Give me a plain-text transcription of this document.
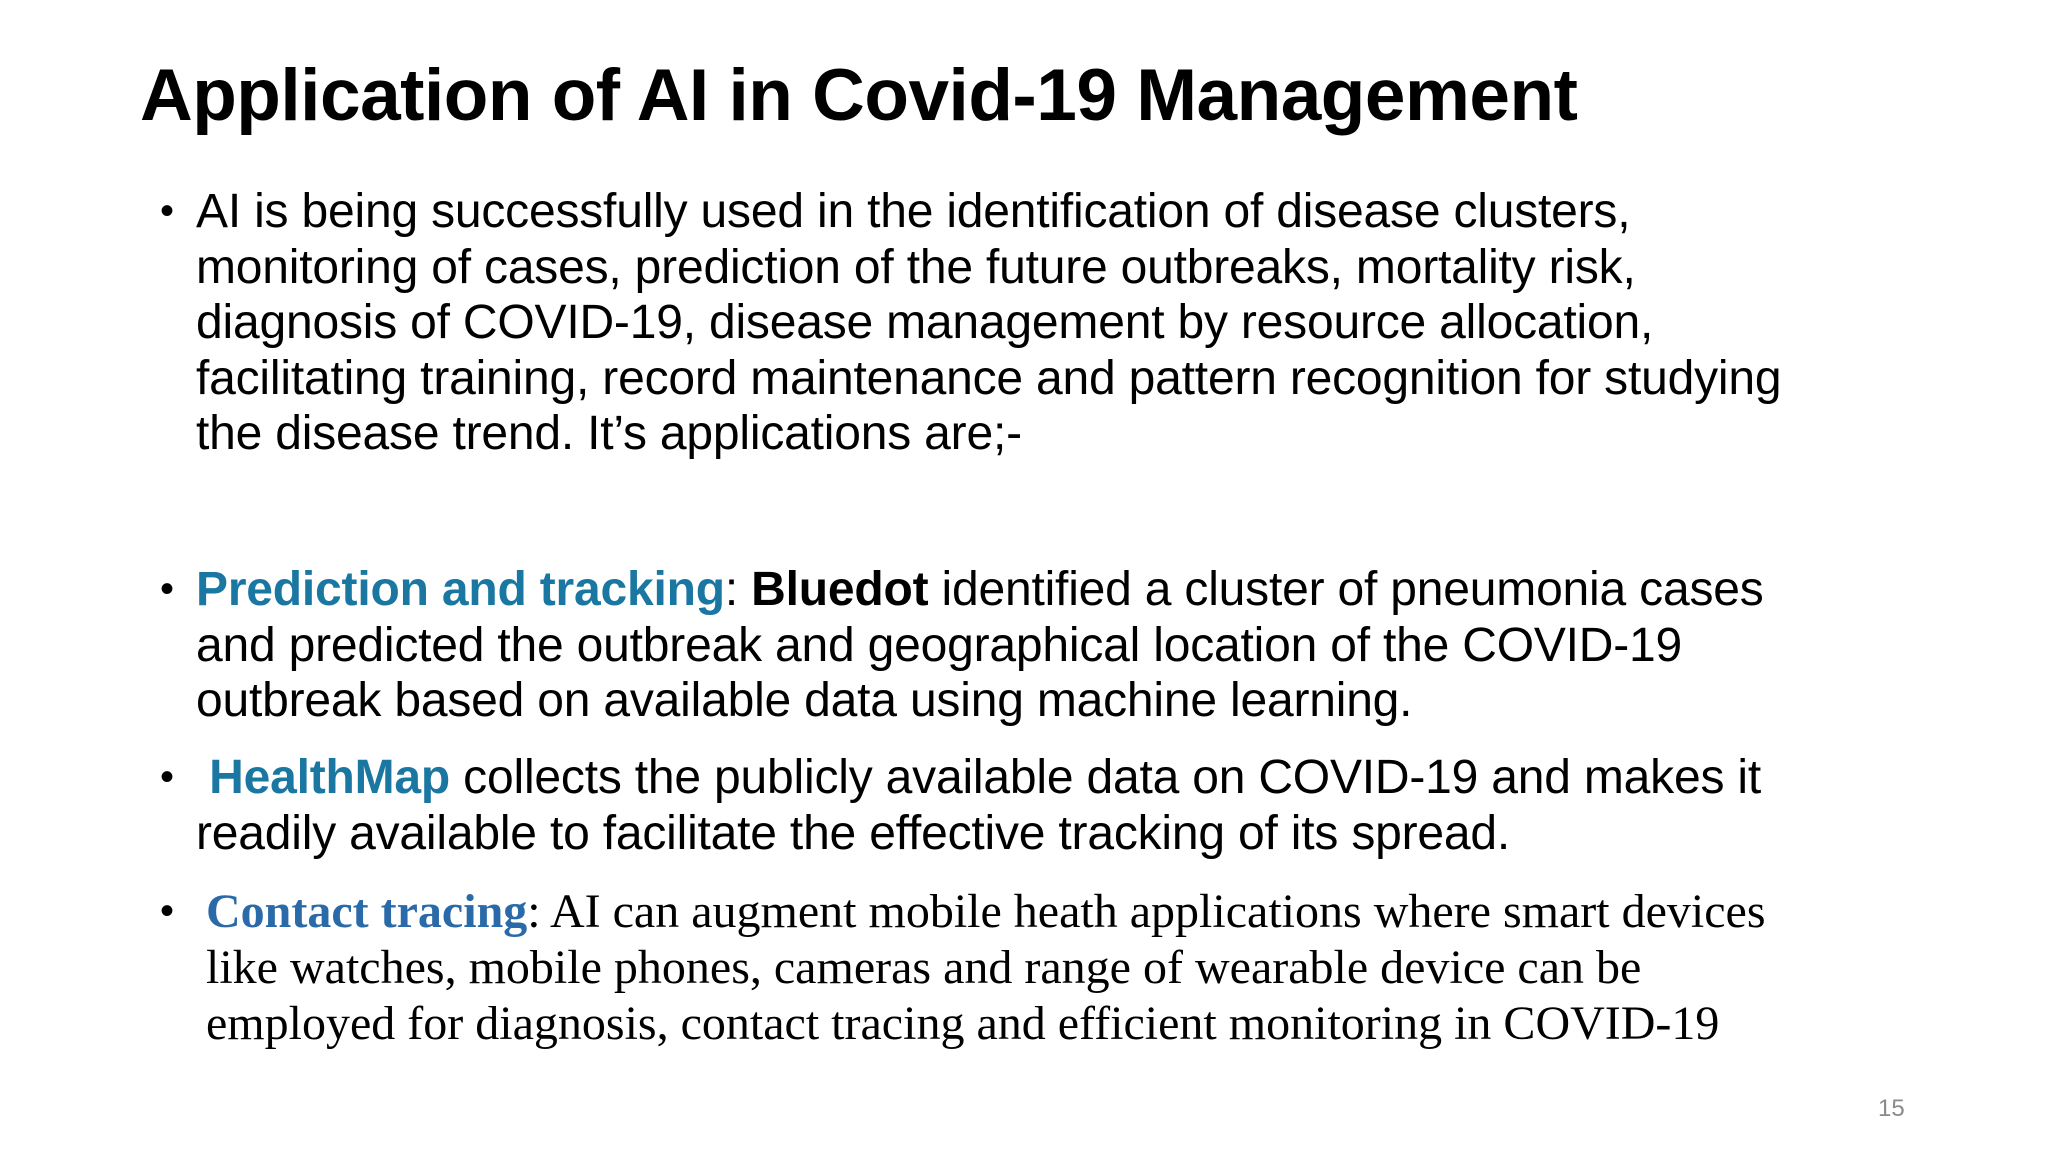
Application of AI in Covid-19 Management
• AI is being successfully used in the identification of disease clusters,
monitoring of cases, prediction of the future outbreaks, mortality risk,
diagnosis of COVID-19, disease management by resource allocation,
facilitating training, record maintenance and pattern recognition for studying
the disease trend. It’s applications are;-
• Prediction and tracking: Bluedot identified a cluster of pneumonia cases
and predicted the outbreak and geographical location of the COVID-19
outbreak based on available data using machine learning.
• HealthMap collects the publicly available data on COVID-19 and makes it
readily available to facilitate the effective tracking of its spread.
• Contact tracing: AI can augment mobile heath applications where smart devices
like watches, mobile phones, cameras and range of wearable device can be
employed for diagnosis, contact tracing and efficient monitoring in COVID-19
15
